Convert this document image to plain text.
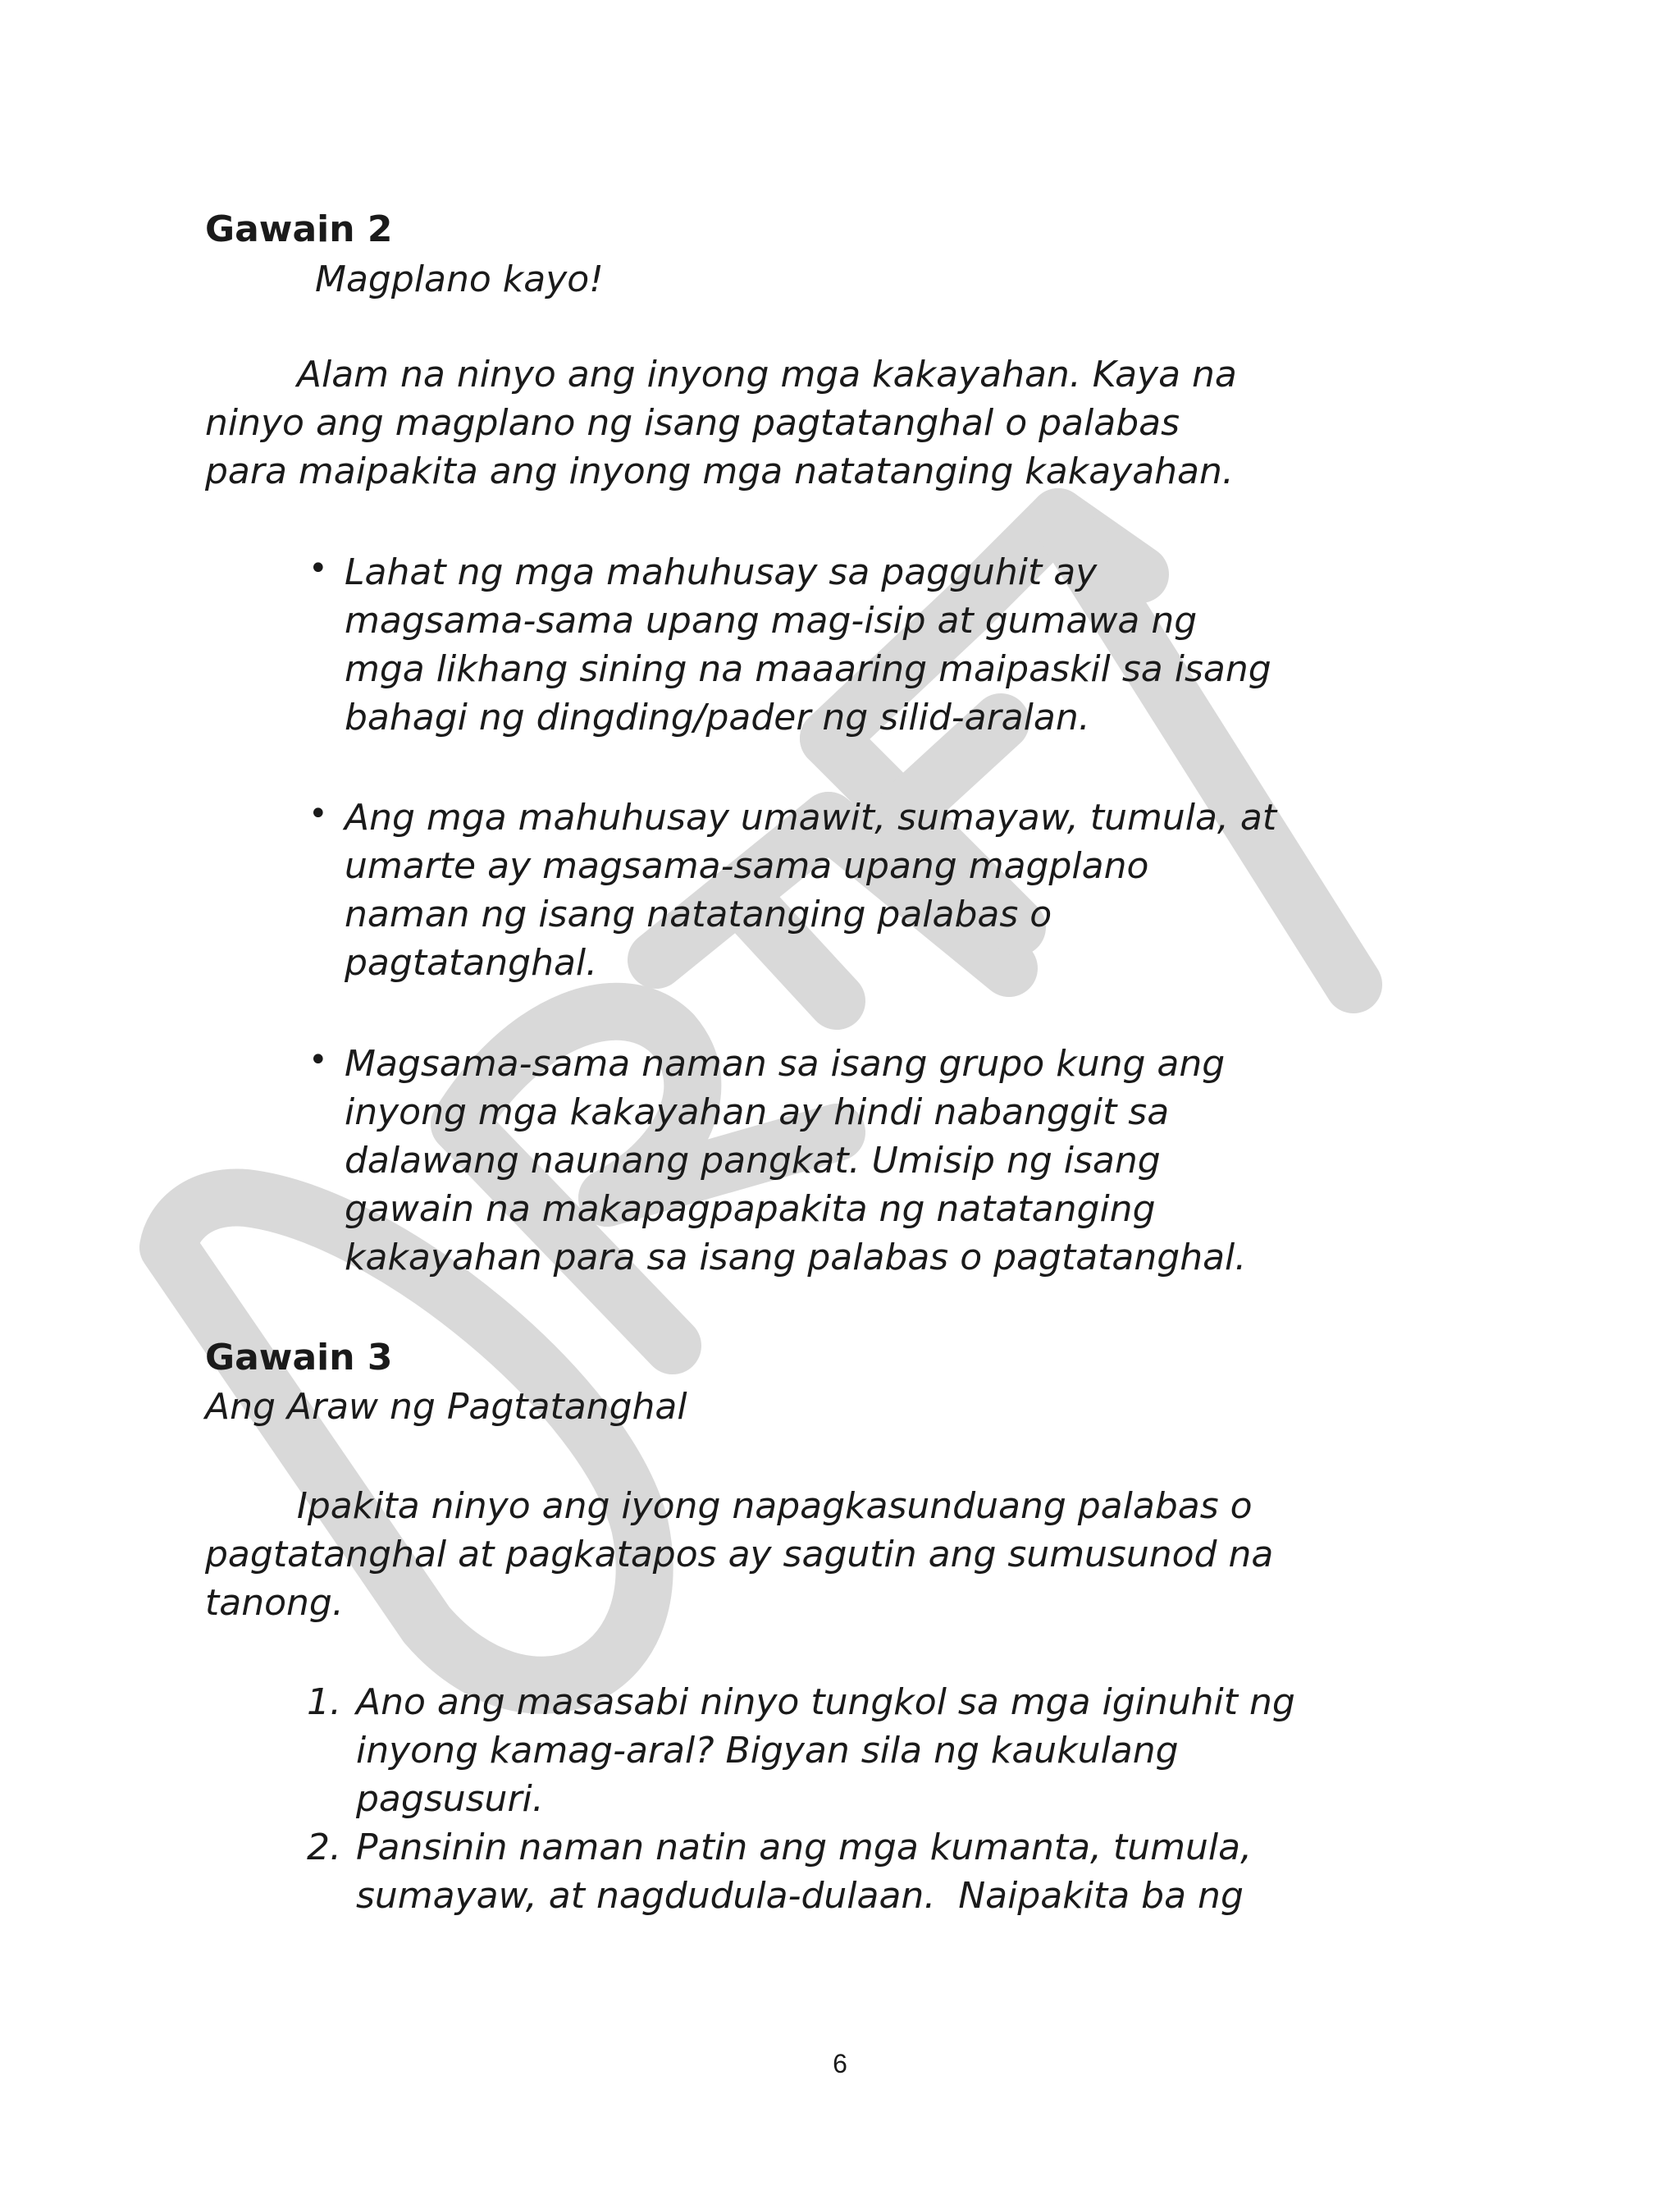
Gawain 2
Magplano kayo!
Alam na ninyo ang inyong mga kakayahan. Kaya na
ninyo ang magplano ng isang pagtatanghal o palabas
para maipakita ang inyong mga natatanging kakayahan.
• Lahat ng mga mahuhusay sa pagguhit ay
magsama-sama upang mag-isip at gumawa ng
mga likhang sining na maaaring maipaskil sa isang
bahagi ng dingding/pader ng silid-aralan.
• Ang mga mahuhusay umawit, sumayaw, tumula, at
umarte ay magsama-sama upang magplano
naman ng isang natatanging palabas o
pagtatanghal.
• Magsama-sama naman sa isang grupo kung ang
inyong mga kakayahan ay hindi nabanggit sa
dalawang naunang pangkat. Umisip ng isang
gawain na makapagpapakita ng natatanging
kakayahan para sa isang palabas o pagtatanghal.
Gawain 3
Ang Araw ng Pagtatanghal
Ipakita ninyo ang iyong napagkasunduang palabas o
pagtatanghal at pagkatapos ay sagutin ang sumusunod na
tanong.
1. Ano ang masasabi ninyo tungkol sa mga iginuhit ng
inyong kamag-aral? Bigyan sila ng kaukulang
pagsusuri.
2. Pansinin naman natin ang mga kumanta, tumula,
sumayaw, at nagdudula-dulaan.  Naipakita ba ng
6
